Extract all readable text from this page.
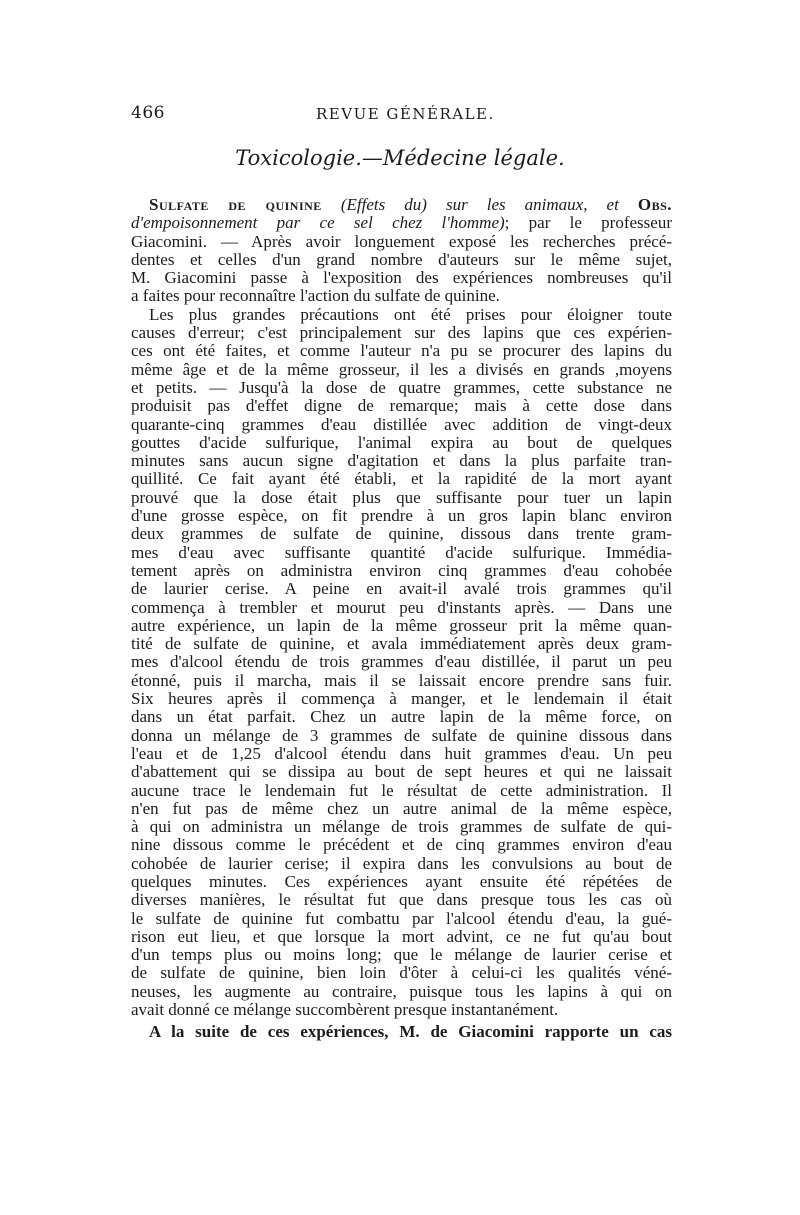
466	REVUE GÉNÉRALE.
Toxicologie.—Médecine légale.
Sulfate de quinine (Effets du) sur les animaux, et Obs.
d'empoisonnement par ce sel chez l'homme); par le professeur
Giacomini. — Après avoir longuement exposé les recherches précé-
dentes et celles d'un grand nombre d'auteurs sur le même sujet,
M. Giacomini passe à l'exposition des expériences nombreuses qu'il
a faites pour reconnaître l'action du sulfate de quinine.
Les plus grandes précautions ont été prises pour éloigner toute
causes d'erreur; c'est principalement sur des lapins que ces expérien-
ces ont été faites, et comme l'auteur n'a pu se procurer des lapins du
même âge et de la même grosseur, il les a divisés en grands ,moyens
et petits. — Jusqu'à la dose de quatre grammes, cette substance ne
produisit pas d'effet digne de remarque; mais à cette dose dans
quarante-cinq grammes d'eau distillée avec addition de vingt-deux
gouttes d'acide sulfurique, l'animal expira au bout de quelques
minutes sans aucun signe d'agitation et dans la plus parfaite tran-
quillité. Ce fait ayant été établi, et la rapidité de la mort ayant
prouvé que la dose était plus que suffisante pour tuer un lapin
d'une grosse espèce, on fit prendre à un gros lapin blanc environ
deux grammes de sulfate de quinine, dissous dans trente gram-
mes d'eau avec suffisante quantité d'acide sulfurique. Immédia-
tement après on administra environ cinq grammes d'eau cohobée
de laurier cerise. A peine en avait-il avalé trois grammes qu'il
commença à trembler et mourut peu d'instants après. — Dans une
autre expérience, un lapin de la même grosseur prit la même quan-
tité de sulfate de quinine, et avala immédiatement après deux gram-
mes d'alcool étendu de trois grammes d'eau distillée, il parut un peu
étonné, puis il marcha, mais il se laissait encore prendre sans fuir.
Six heures après il commença à manger, et le lendemain il était
dans un état parfait. Chez un autre lapin de la même force, on
donna un mélange de 3 grammes de sulfate de quinine dissous dans
l'eau et de 1,25 d'alcool étendu dans huit grammes d'eau. Un peu
d'abattement qui se dissipa au bout de sept heures et qui ne laissait
aucune trace le lendemain fut le résultat de cette administration. Il
n'en fut pas de même chez un autre animal de la même espèce,
à qui on administra un mélange de trois grammes de sulfate de qui-
nine dissous comme le précédent et de cinq grammes environ d'eau
cohobée de laurier cerise; il expira dans les convulsions au bout de
quelques minutes. Ces expériences ayant ensuite été répétées de
diverses manières, le résultat fut que dans presque tous les cas où
le sulfate de quinine fut combattu par l'alcool étendu d'eau, la gué-
rison eut lieu, et que lorsque la mort advint, ce ne fut qu'au bout
d'un temps plus ou moins long; que le mélange de laurier cerise et
de sulfate de quinine, bien loin d'ôter à celui-ci les qualités véné-
neuses, les augmente au contraire, puisque tous les lapins à qui on
avait donné ce mélange succombèrent presque instantanément.
A la suite de ces expériences, M. de Giacomini rapporte un cas
